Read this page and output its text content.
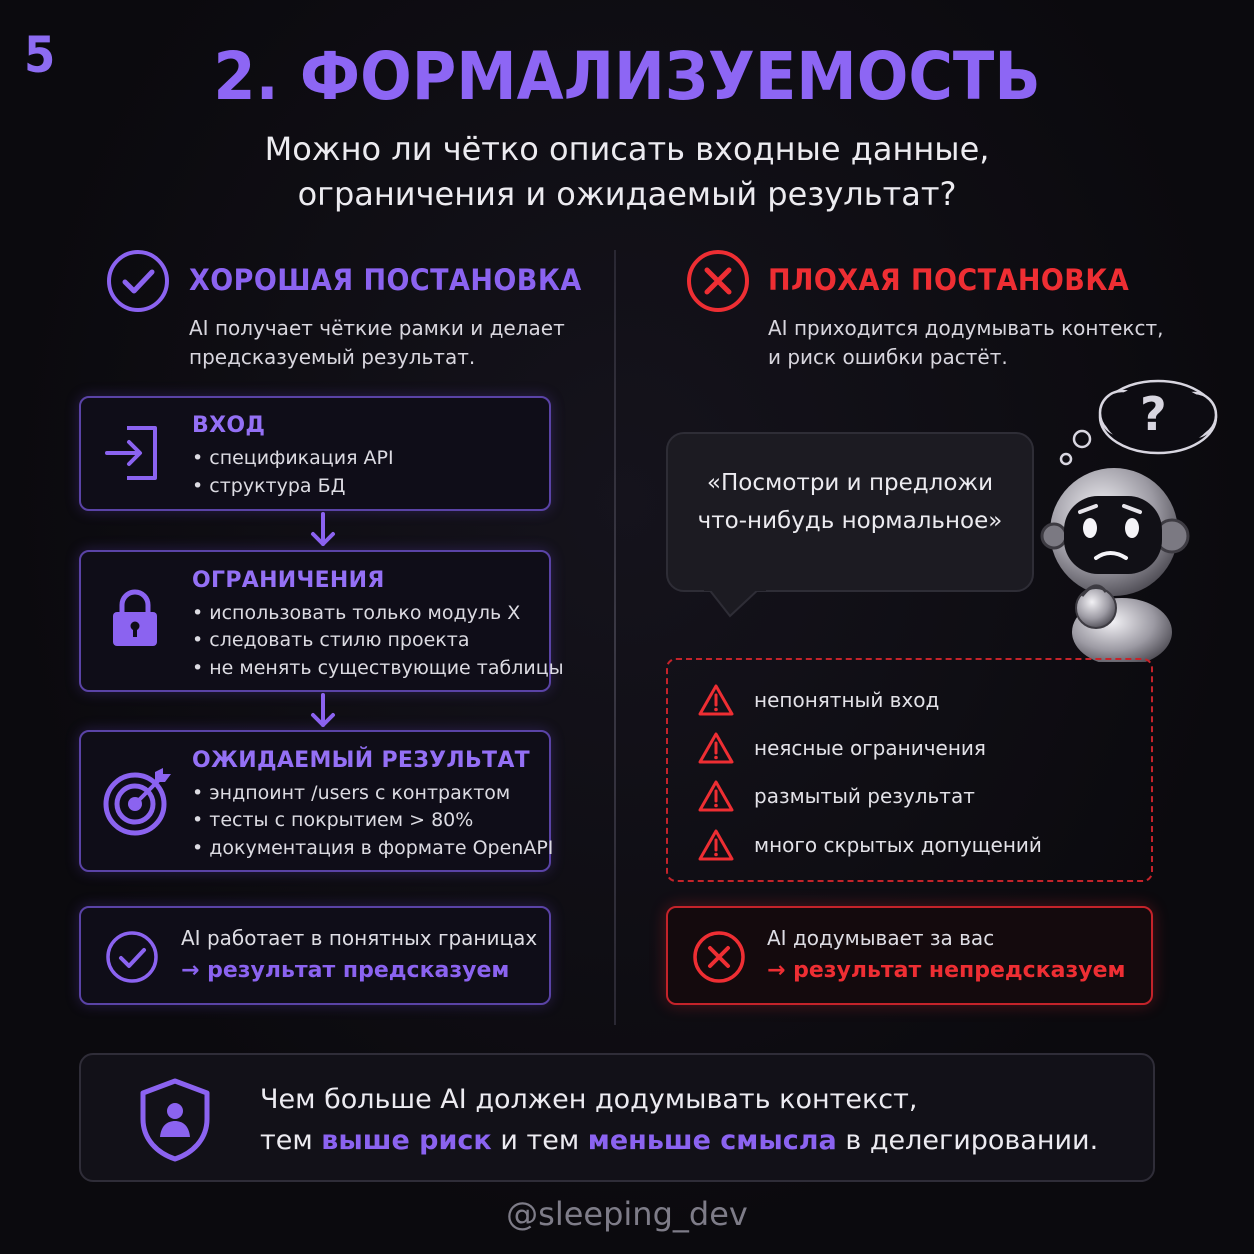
5	2. ФОРМАЛИЗУЕМОСТЬ
Можно ли чётко описать входные данные,
ограничения и ожидаемый результат?
ХОРОШАЯ ПОСТАНОВКА
AI получает чёткие рамки и делает
предсказуемый результат.
ВХОД
• спецификация API
• структура БД
ОГРАНИЧЕНИЯ
• использовать только модуль X
• следовать стилю проекта
• не менять существующие таблицы
ОЖИДАЕМЫЙ РЕЗУЛЬТАТ
• эндпоинт /users с контрактом
• тесты с покрытием > 80%
• документация в формате OpenAPI
AI работает в понятных границах
→ результат предсказуем
ПЛОХАЯ ПОСТАНОВКА
AI приходится додумывать контекст,
и риск ошибки растёт.
«Посмотри и предложи
что-нибудь нормальное»
?
непонятный вход
неясные ограничения
размытый результат
много скрытых допущений
AI додумывает за вас
→ результат непредсказуем
Чем больше AI должен додумывать контекст,
тем выше риск и тем меньше смысла в делегировании.
@sleeping_dev
